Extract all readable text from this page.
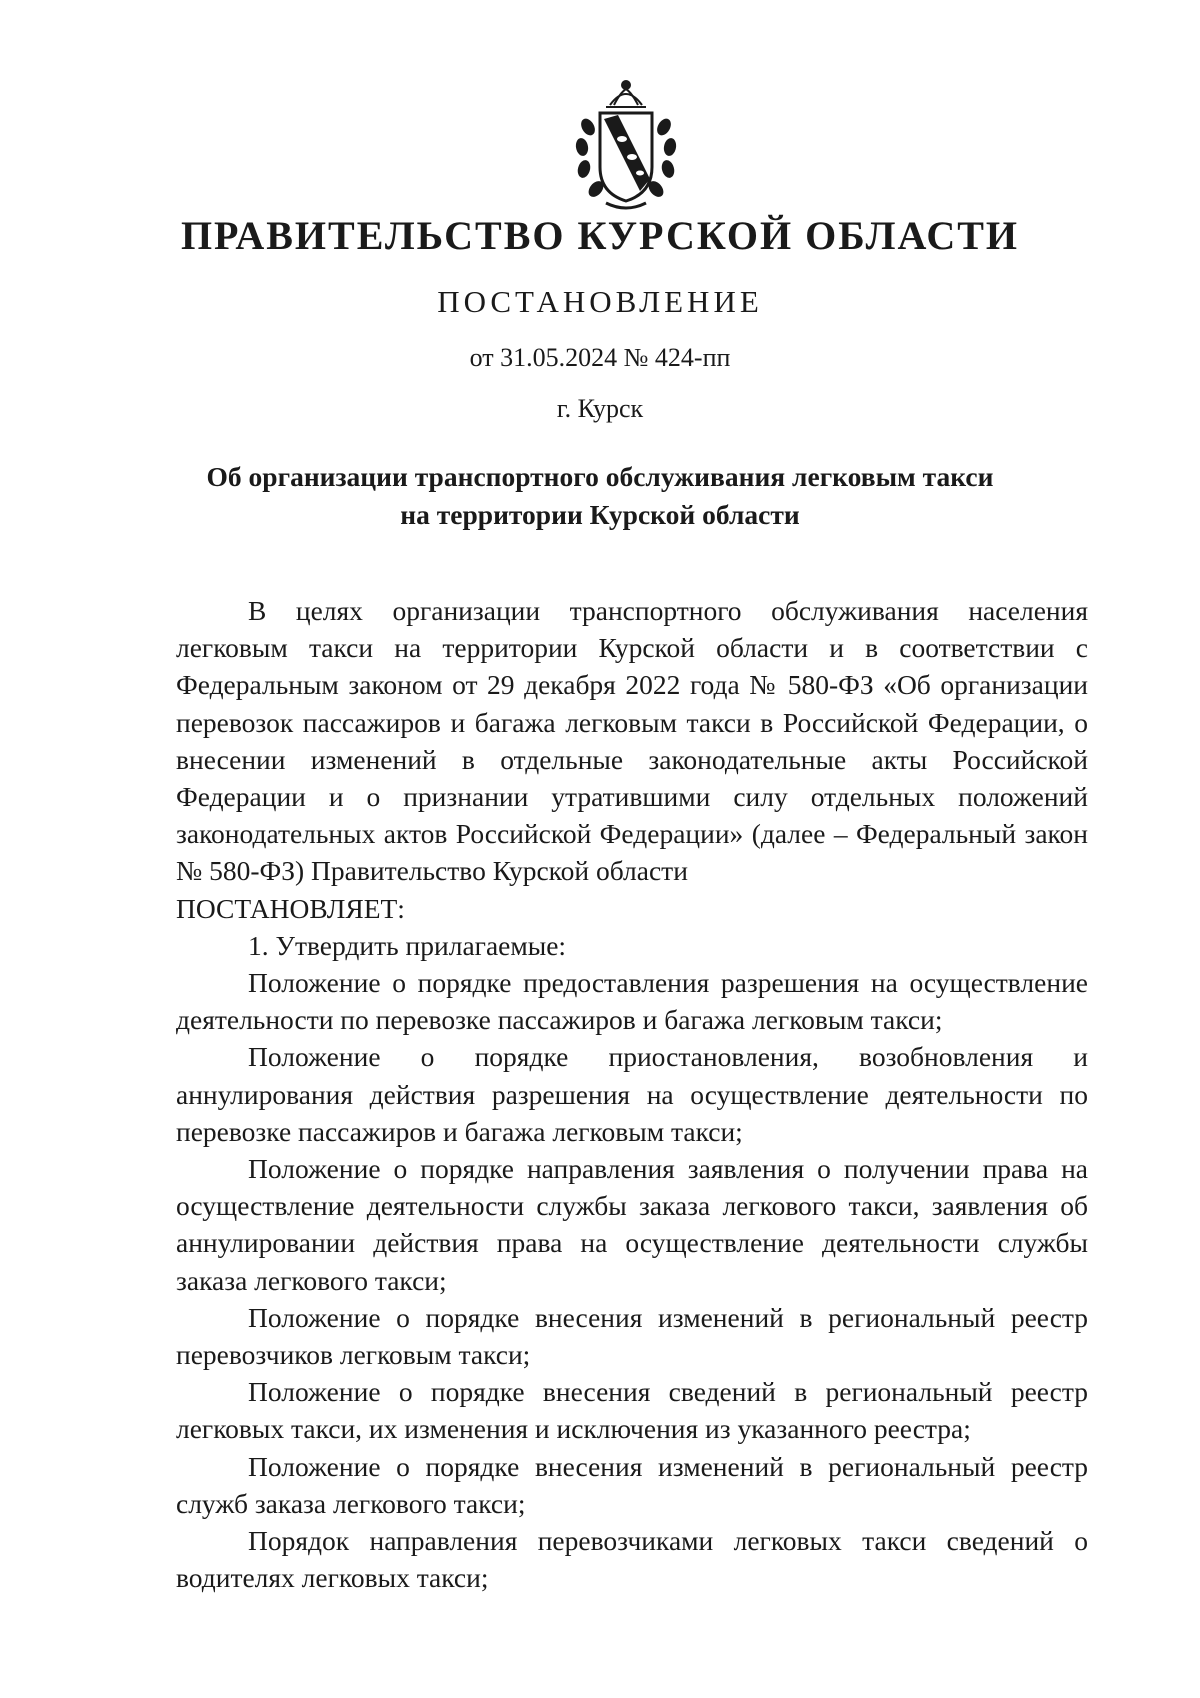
ПРАВИТЕЛЬСТВО КУРСКОЙ ОБЛАСТИ
ПОСТАНОВЛЕНИЕ
от 31.05.2024 № 424-пп
г. Курск
Об организации транспортного обслуживания легковым такси
на территории Курской области

В целях организации транспортного обслуживания населения легковым такси на территории Курской области и в соответствии с Федеральным законом от 29 декабря 2022 года № 580-ФЗ «Об организации перевозок пассажиров и багажа легковым такси в Российской Федерации, о внесении изменений в отдельные законодательные акты Российской Федерации и о признании утратившими силу отдельных положений законодательных актов Российской Федерации» (далее – Федеральный закон № 580-ФЗ) Правительство Курской области

ПОСТАНОВЛЯЕТ:

1. Утвердить прилагаемые:

Положение о порядке предоставления разрешения на осуществление деятельности по перевозке пассажиров и багажа легковым такси;

Положение о порядке приостановления, возобновления и аннулирования действия разрешения на осуществление деятельности по перевозке пассажиров и багажа легковым такси;

Положение о порядке направления заявления о получении права на осуществление деятельности службы заказа легкового такси, заявления об аннулировании действия права на осуществление деятельности службы заказа легкового такси;

Положение о порядке внесения изменений в региональный реестр перевозчиков легковым такси;

Положение о порядке внесения сведений в региональный реестр легковых такси, их изменения и исключения из указанного реестра;

Положение о порядке внесения изменений в региональный реестр служб заказа легкового такси;

Порядок направления перевозчиками легковых такси сведений о водителях легковых такси;
